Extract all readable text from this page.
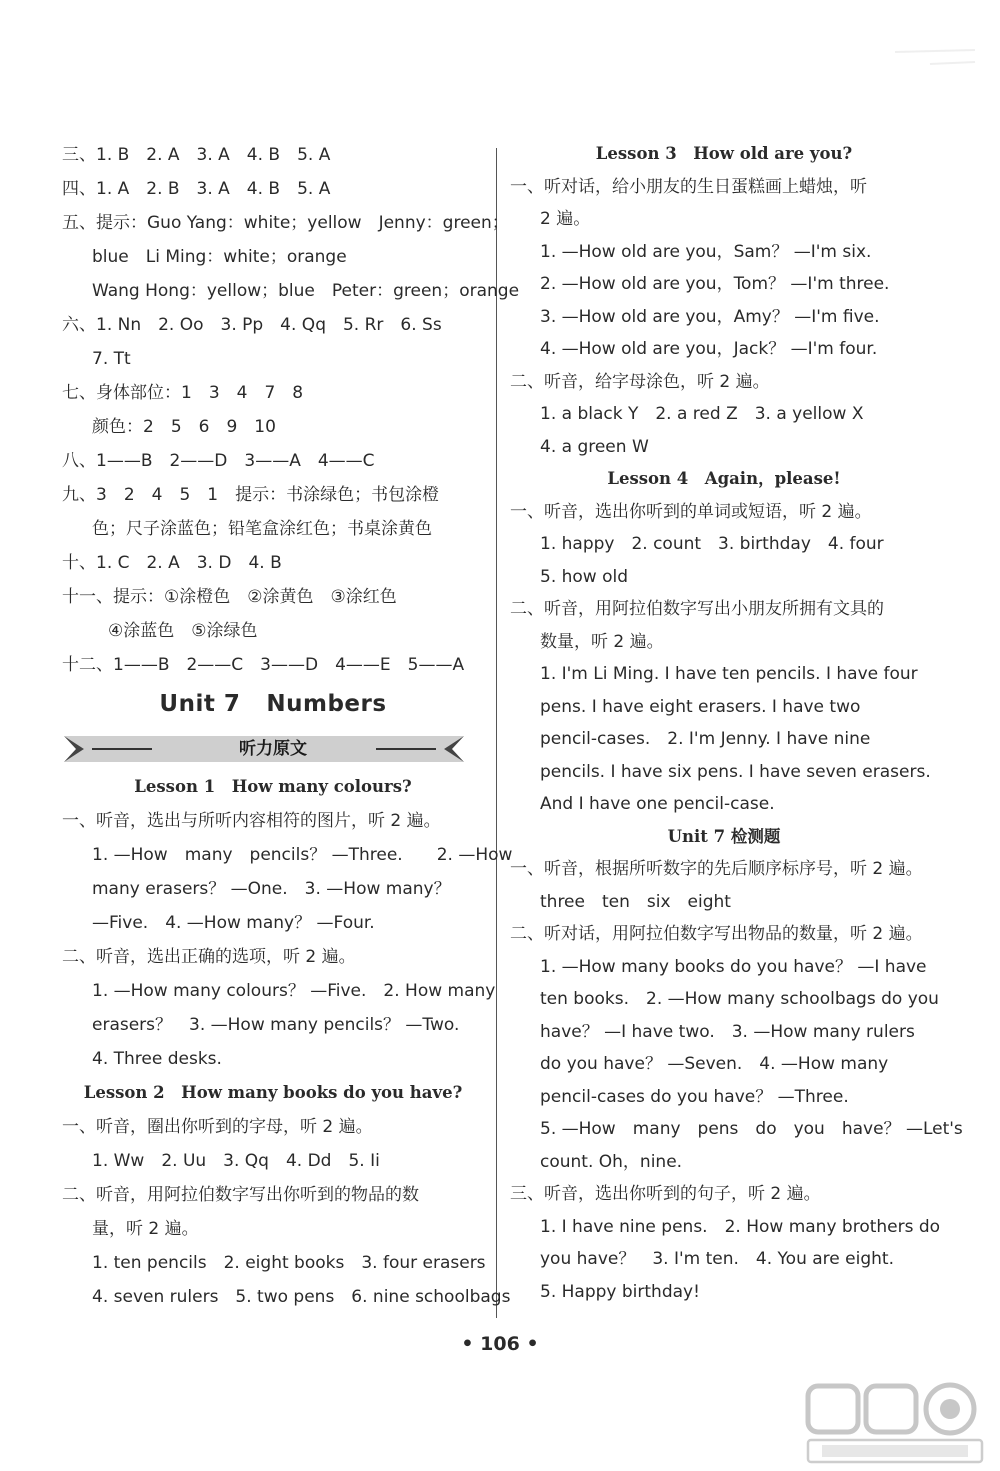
三、1. B　2. A　3. A　4. B　5. A
四、1. A　2. B　3. A　4. B　5. A
五、提示：Guo Yang：white；yellow　Jenny：green；
blue　Li Ming：white；orange
Wang Hong：yellow；blue　Peter：green；orange
六、1. Nn　2. Oo　3. Pp　4. Qq　5. Rr　6. Ss
7. Tt
七、身体部位：1　3　4　7　8
颜色：2　5　6　9　10
八、1——B　2——D　3——A　4——C
九、3　2　4　5　1　提示：书涂绿色；书包涂橙
色；尺子涂蓝色；铅笔盒涂红色；书桌涂黄色
十、1. C　2. A　3. D　4. B
十一、提示：①涂橙色　②涂黄色　③涂红色
④涂蓝色　⑤涂绿色
十二、1——B　2——C　3——D　4——E　5——A
Unit 7 Numbers
听力原文
Lesson 1　How many colours?
一、听音，选出与所听内容相符的图片，听 2 遍。
1. —How　many　pencils？ —Three.　　2. —How
many erasers？ —One.　3. —How many？
—Five.　4. —How many？ —Four.
二、听音，选出正确的选项，听 2 遍。
1. —How many colours？ —Five.　2. How many
erasers？　3. —How many pencils？ —Two.
4. Three desks.
Lesson 2　How many books do you have?
一、听音，圈出你听到的字母，听 2 遍。
1. Ww　2. Uu　3. Qq　4. Dd　5. Ii
二、听音，用阿拉伯数字写出你听到的物品的数
量，听 2 遍。
1. ten pencils　2. eight books　3. four erasers
4. seven rulers　5. two pens　6. nine schoolbags
Lesson 3　How old are you?
一、听对话，给小朋友的生日蛋糕画上蜡烛，听
2 遍。
1. —How old are you，Sam？ —I'm six.
2. —How old are you，Tom？ —I'm three.
3. —How old are you，Amy？ —I'm five.
4. —How old are you，Jack？ —I'm four.
二、听音，给字母涂色，听 2 遍。
1. a black Y　2. a red Z　3. a yellow X
4. a green W
Lesson 4　Again，please!
一、听音，选出你听到的单词或短语，听 2 遍。
1. happy　2. count　3. birthday　4. four
5. how old
二、听音，用阿拉伯数字写出小朋友所拥有文具的
数量，听 2 遍。
1. I'm Li Ming. I have ten pencils. I have four
pens. I have eight erasers. I have two
pencil-cases.　2. I'm Jenny. I have nine
pencils. I have six pens. I have seven erasers.
And I have one pencil-case.
Unit 7 检测题
一、听音，根据所听数字的先后顺序标序号，听 2 遍。
three　ten　six　eight
二、听对话，用阿拉伯数字写出物品的数量，听 2 遍。
1. —How many books do you have？ —I have
ten books.　2. —How many schoolbags do you
have？ —I have two.　3. —How many rulers
do you have？ —Seven.　4. —How many
pencil-cases do you have？ —Three.
5. —How　many　pens　do　you　have？ —Let's
count. Oh，nine.
三、听音，选出你听到的句子，听 2 遍。
1. I have nine pens.　2. How many brothers do
you have？　3. I'm ten.　4. You are eight.
5. Happy birthday!
• 106 •
